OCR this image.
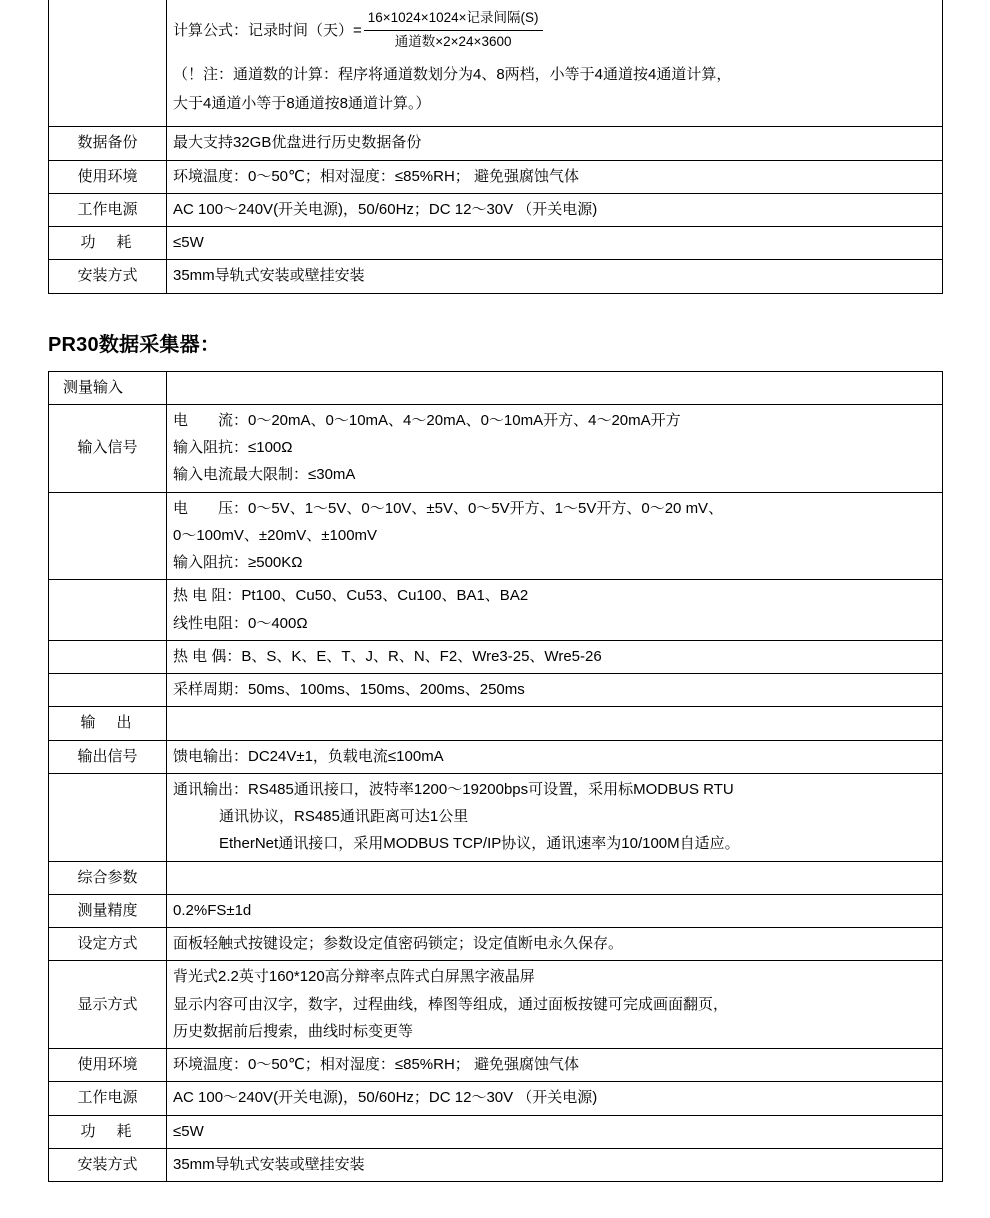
	计算公式：记录时间（天）= $\frac{\text{16×1024×1024×记录间隔(S)}}{\text{通道数×2×24×3600}}$
（！注：通道数的计算：程序将通道数划分为4、8两档，小等于4通道按4通道计算，
大于4通道小等于8通道按8通道计算。）

数据备份	最大支持32GB优盘进行历史数据备份
使用环境	环境温度：0～50℃；相对湿度：≤85%RH； 避免强腐蚀气体
工作电源	AC 100～240V(开关电源)，50/60Hz；DC 12～30V （开关电源)
功　耗	≤5W
安装方式	35mm导轨式安装或壁挂安装
PR30数据采集器：
测量输入	
输入信号	电　　流：0～20mA、0～10mA、4～20mA、0～10mA开方、4～20mA开方
输入阻抗：≤100Ω
输入电流最大限制：≤30mA

	电　　压：0～5V、1～5V、0～10V、±5V、0～5V开方、1～5V开方、0～20 mV、
0～100mV、±20mV、±100mV
输入阻抗：≥500KΩ

	热 电 阻：Pt100、Cu50、Cu53、Cu100、BA1、BA2
线性电阻：0～400Ω

	热 电 偶：B、S、K、E、T、J、R、N、F2、Wre3-25、Wre5-26

	采样周期：50ms、100ms、150ms、200ms、250ms

输　出	
输出信号	馈电输出：DC24V±1，负载电流≤100mA

	通讯输出：RS485通讯接口，波特率1200～19200bps可设置，采用标MODBUS RTU
通讯协议，RS485通讯距离可达1公里
EtherNet通讯接口，采用MODBUS TCP/IP协议，通讯速率为10/100M自适应。

综合参数	
测量精度	0.2%FS±1d
设定方式	面板轻触式按键设定；参数设定值密码锁定；设定值断电永久保存。
显示方式	背光式2.2英寸160*120高分辩率点阵式白屏黑字液晶屏
显示内容可由汉字，数字，过程曲线，棒图等组成，通过面板按键可完成画面翻页，
历史数据前后搜索，曲线时标变更等

使用环境	环境温度：0～50℃；相对湿度：≤85%RH； 避免强腐蚀气体
工作电源	AC 100～240V(开关电源)，50/60Hz；DC 12～30V （开关电源)
功　耗	≤5W
安装方式	35mm导轨式安装或壁挂安装
